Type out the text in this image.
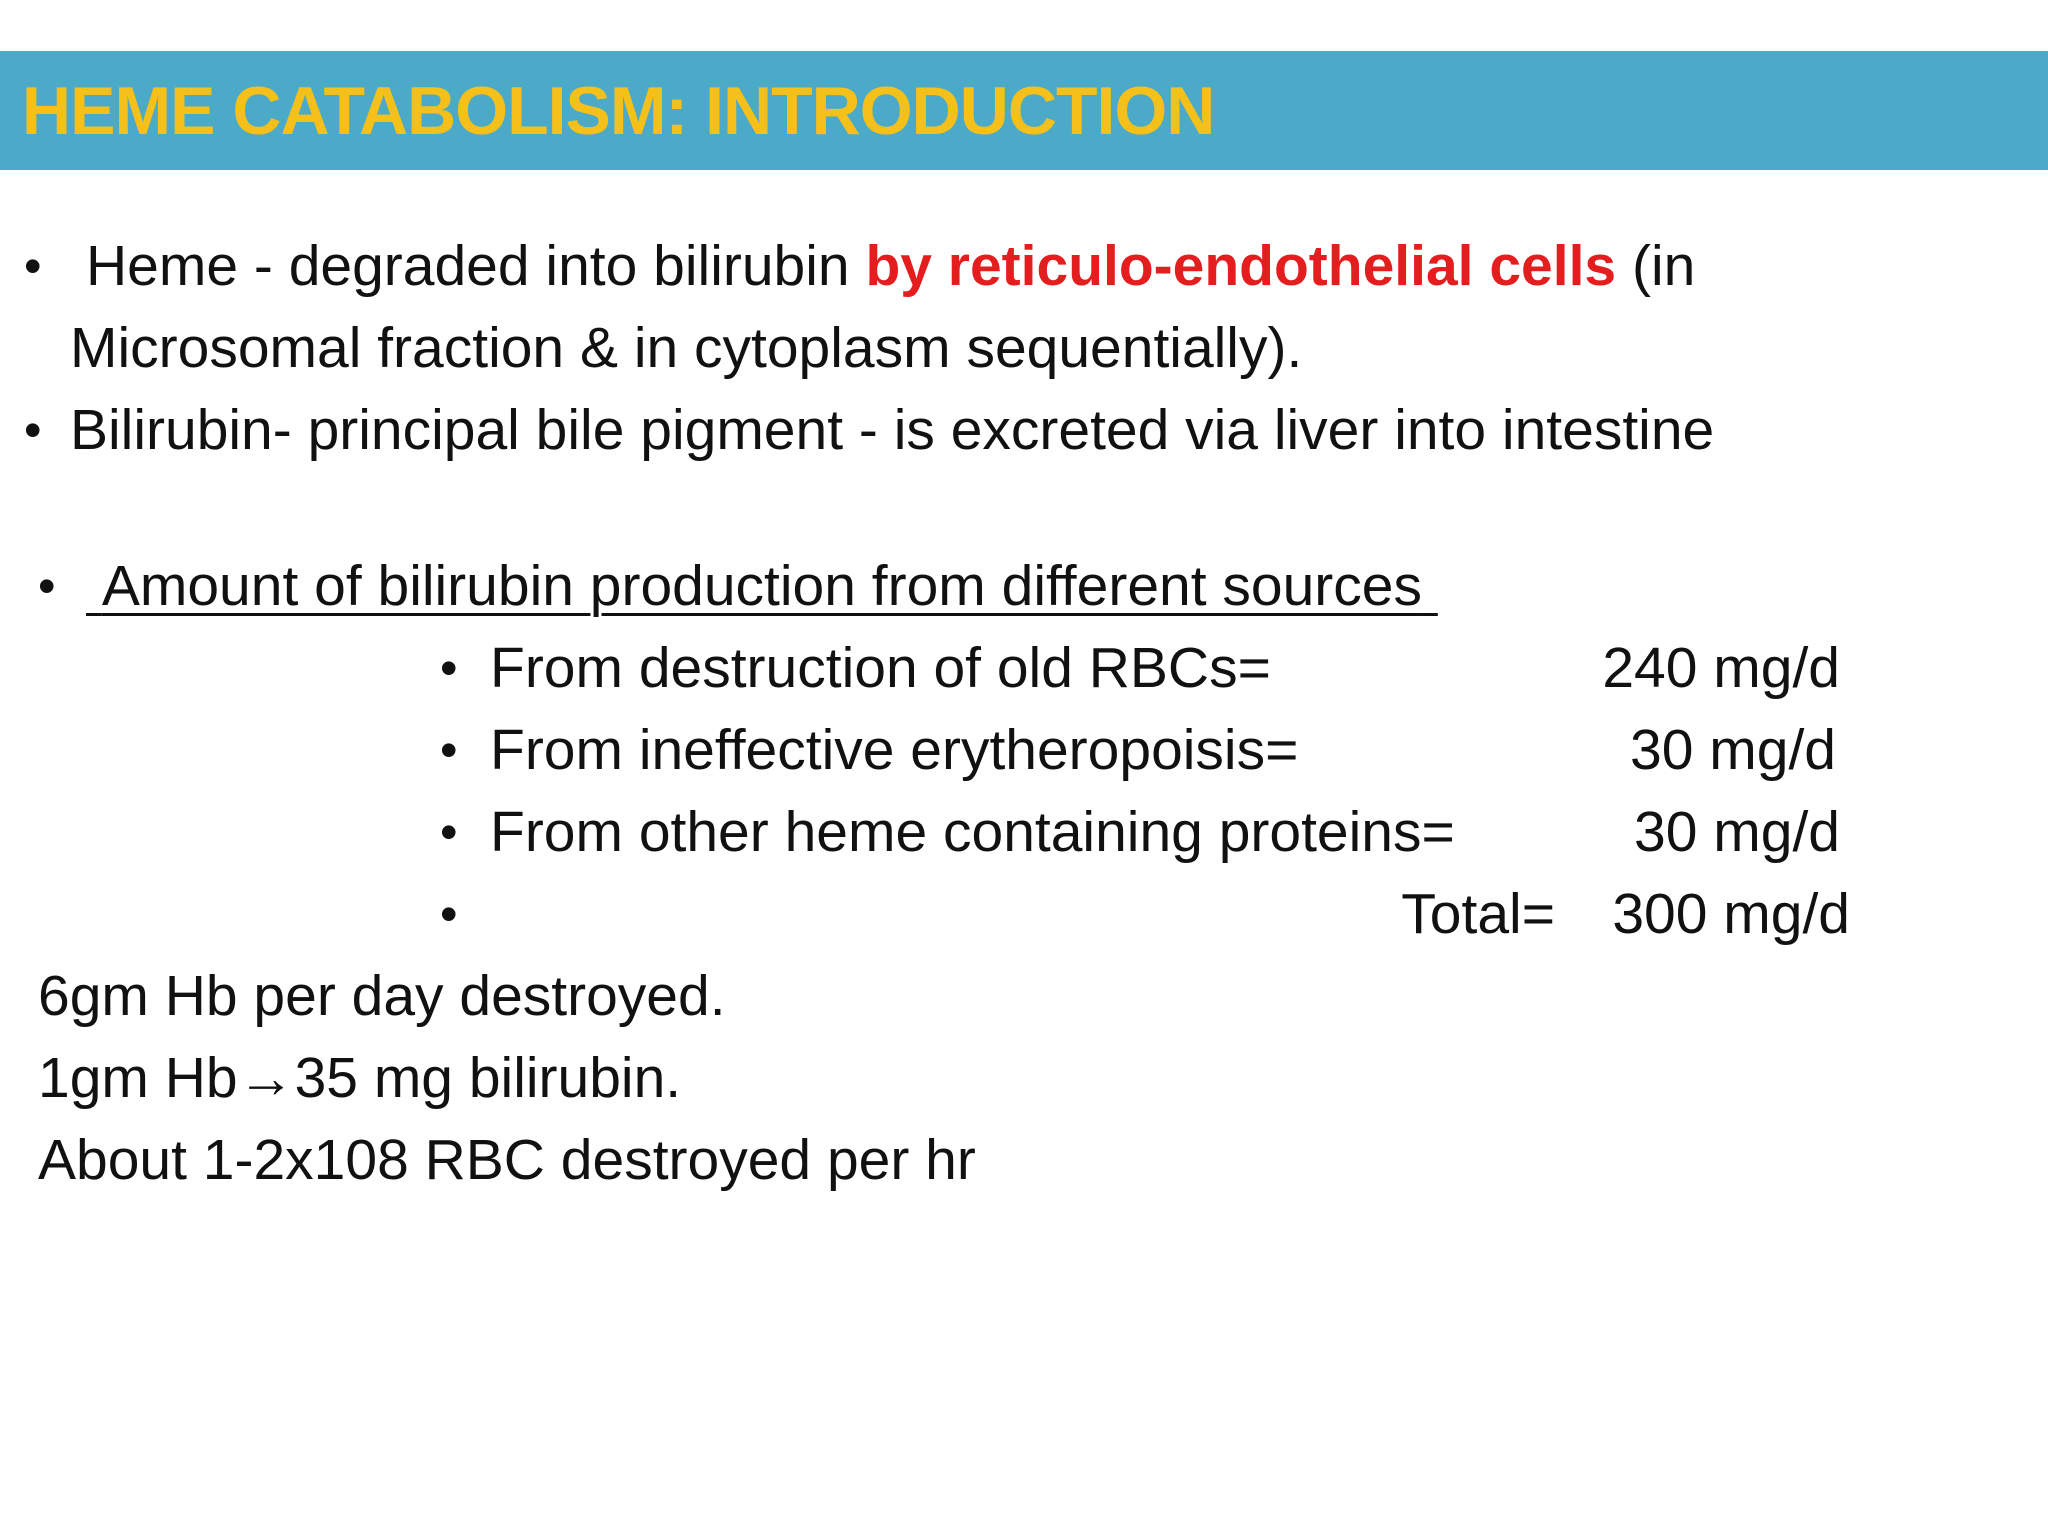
HEME CATABOLISM: INTRODUCTION
• Heme - degraded into bilirubin by reticulo-endothelial cells (in
Microsomal fraction & in cytoplasm sequentially).
• Bilirubin- principal bile pigment - is excreted via liver into intestine
• Amount of bilirubin production from different sources
• From destruction of old RBCs=	240 mg/d
• From ineffective erytheropoisis=	30 mg/d
• From other heme containing proteins=	30 mg/d
•	Total=	300 mg/d
6gm Hb per day destroyed.
1gm Hb→35 mg bilirubin.
About 1-2x108 RBC destroyed per hr
